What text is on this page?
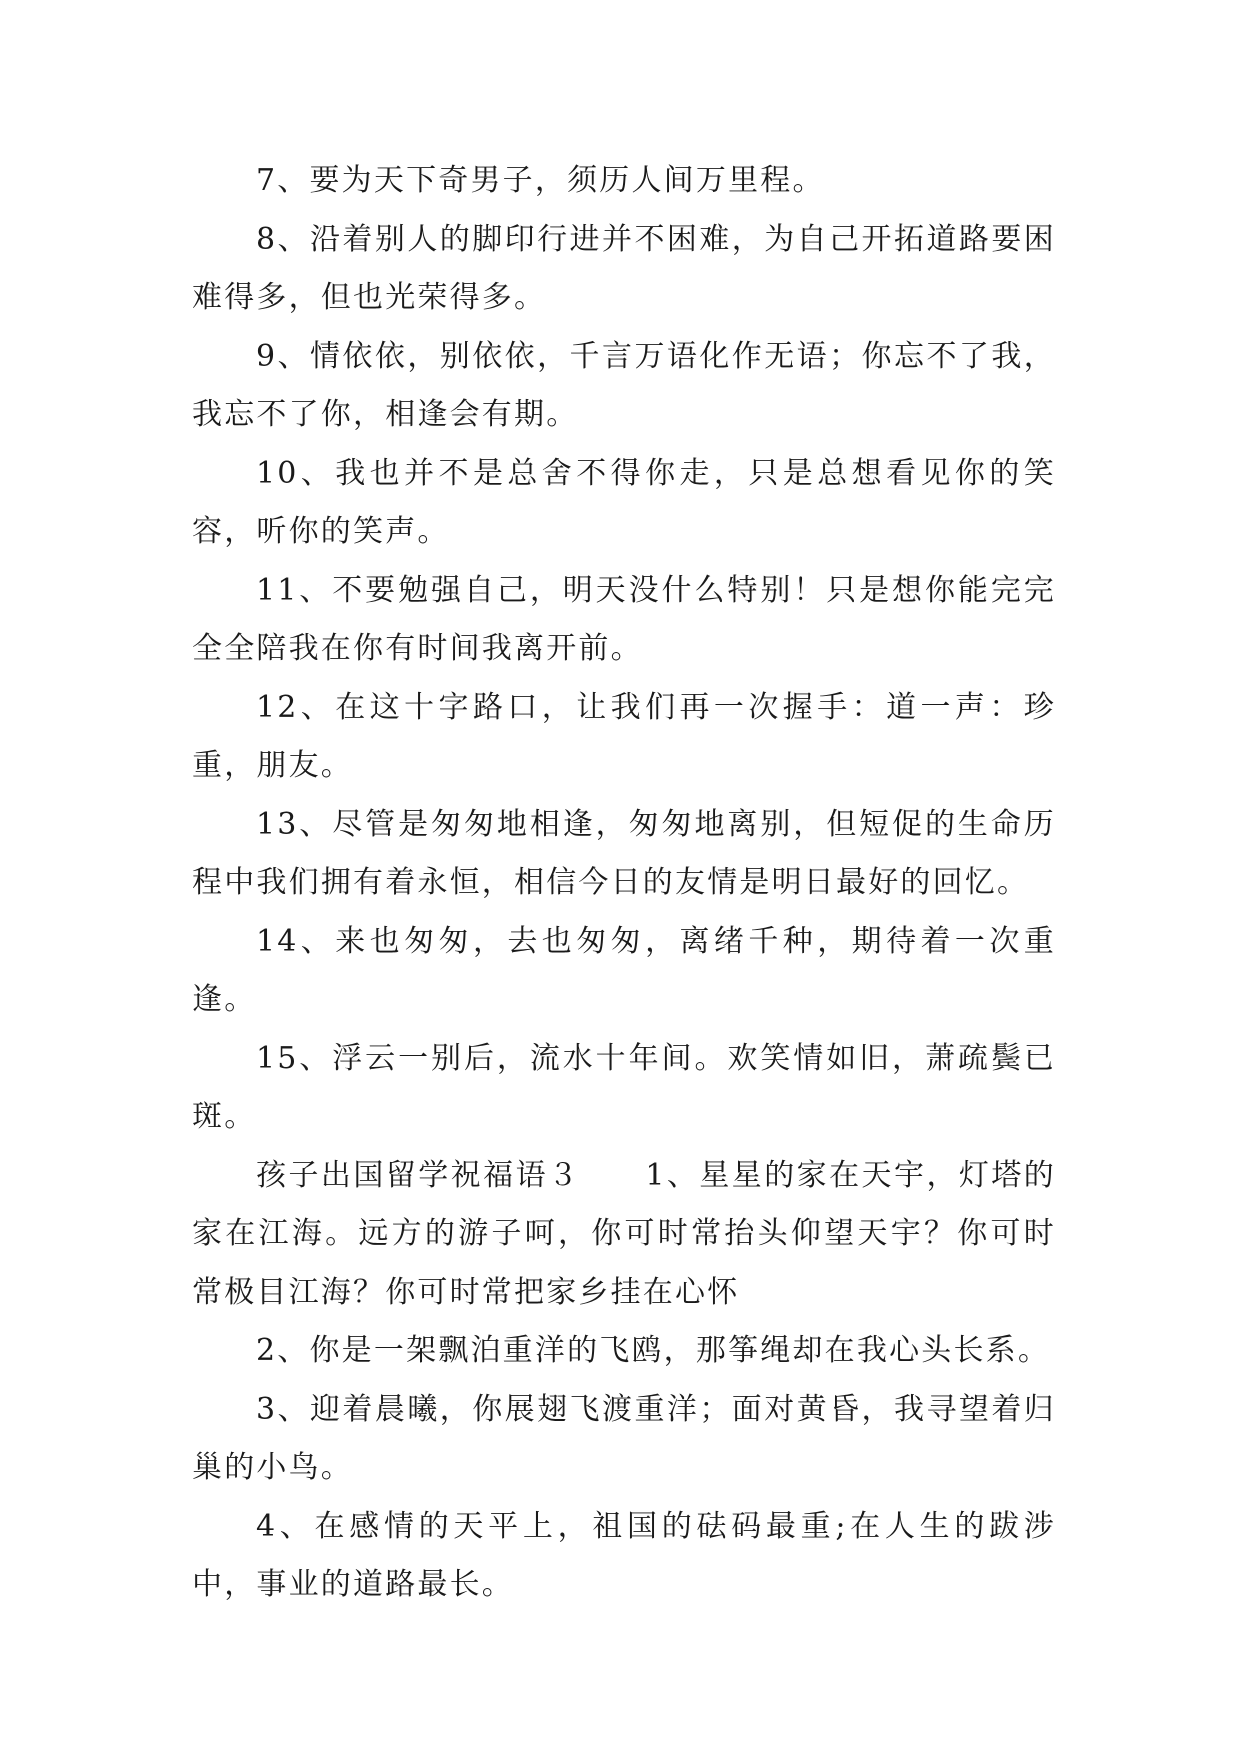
7、要为天下奇男子，须历人间万里程。

8、沿着别人的脚印行进并不困难，为自己开拓道路要困难得多，但也光荣得多。

9、情依依，别依依，千言万语化作无语；你忘不了我，我忘不了你，相逢会有期。

10、我也并不是总舍不得你走，只是总想看见你的笑容，听你的笑声。

11、不要勉强自己，明天没什么特别！只是想你能完完全全陪我在你有时间我离开前。

12、在这十字路口，让我们再一次握手：道一声：珍重，朋友。

13、尽管是匆匆地相逢，匆匆地离别，但短促的生命历程中我们拥有着永恒，相信今日的友情是明日最好的回忆。

14、来也匆匆，去也匆匆，离绪千种，期待着一次重逢。

15、浮云一别后，流水十年间。欢笑情如旧，萧疏鬓已斑。

孩子出国留学祝福语３　　1、星星的家在天宇，灯塔的家在江海。远方的游子呵，你可时常抬头仰望天宇？你可时常极目江海？你可时常把家乡挂在心怀

2、你是一架飘泊重洋的飞鸥，那筝绳却在我心头长系。

3、迎着晨曦，你展翅飞渡重洋；面对黄昏，我寻望着归巢的小鸟。

4、在感情的天平上，祖国的砝码最重;在人生的跋涉中，事业的道路最长。
